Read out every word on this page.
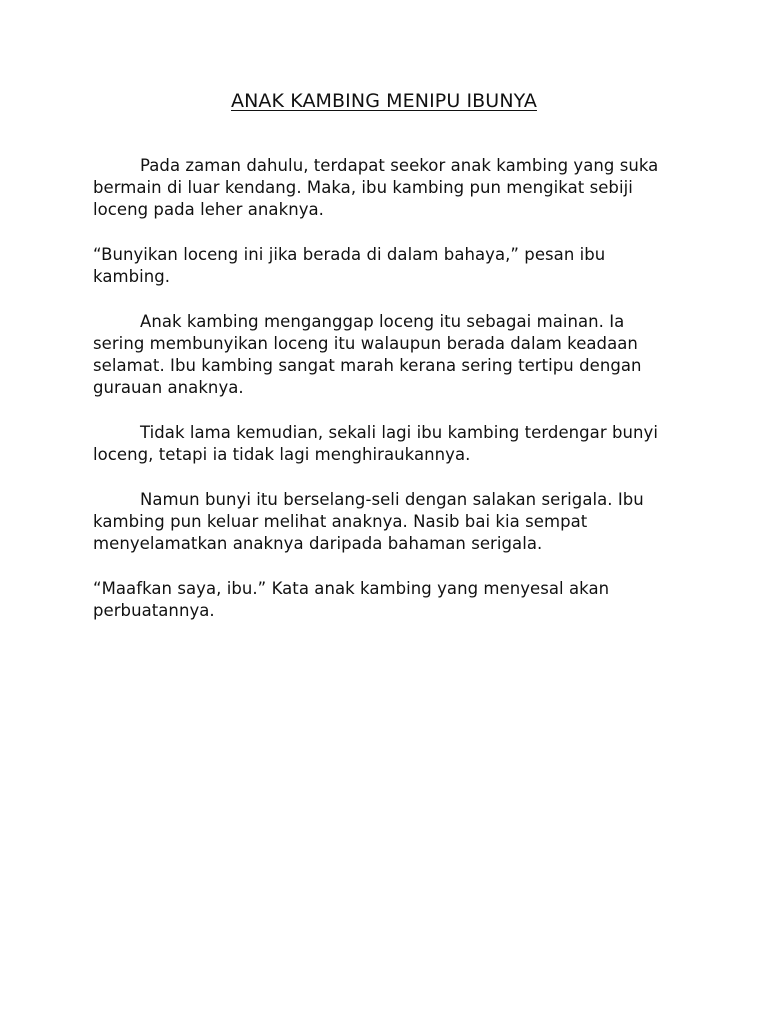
ANAK KAMBING MENIPU IBUNYA

Pada zaman dahulu, terdapat seekor anak kambing yang suka bermain di luar kendang. Maka, ibu kambing pun mengikat sebiji loceng pada leher anaknya.

“Bunyikan loceng ini jika berada di dalam bahaya,” pesan ibu kambing.

Anak kambing menganggap loceng itu sebagai mainan. Ia sering membunyikan loceng itu walaupun berada dalam keadaan selamat. Ibu kambing sangat marah kerana sering tertipu dengan gurauan anaknya.

Tidak lama kemudian, sekali lagi ibu kambing terdengar bunyi loceng, tetapi ia tidak lagi menghiraukannya.

Namun bunyi itu berselang-seli dengan salakan serigala. Ibu kambing pun keluar melihat anaknya. Nasib bai kia sempat menyelamatkan anaknya daripada bahaman serigala.

“Maafkan saya, ibu.” Kata anak kambing yang menyesal akan perbuatannya.
